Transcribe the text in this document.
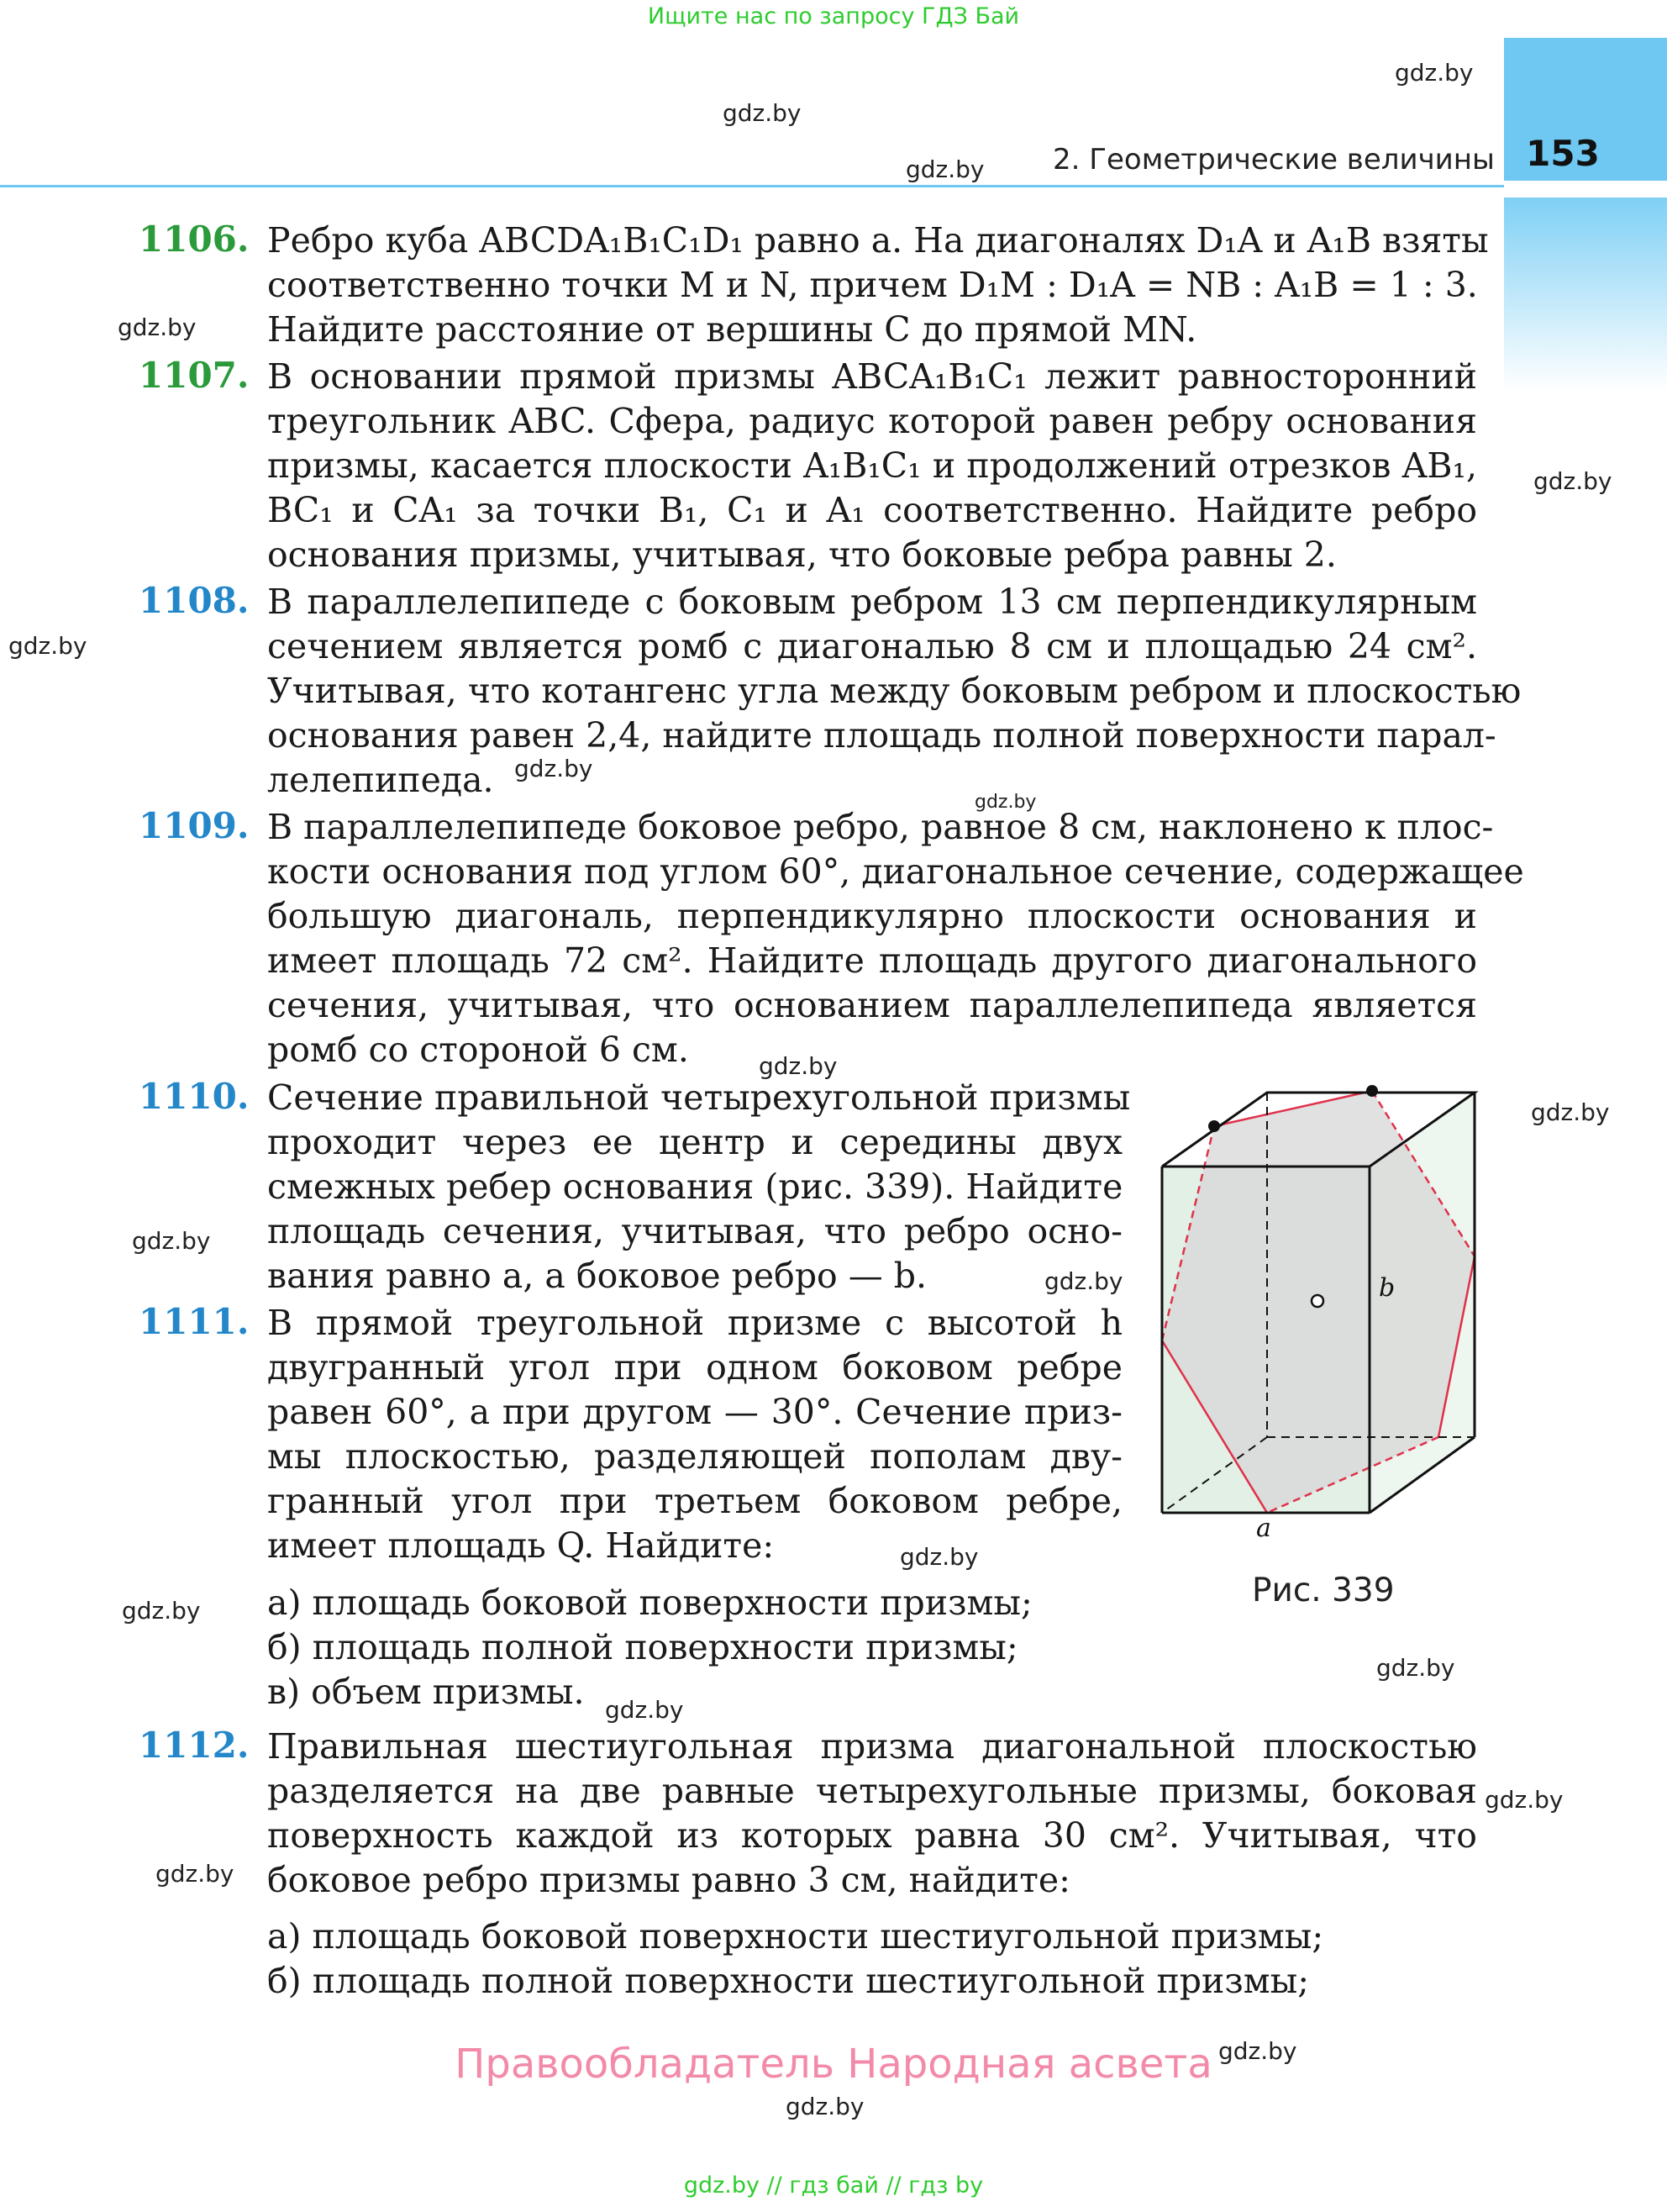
Ищите нас по запросу ГДЗ Бай
153
2. Геометрические величины
gdz.by
gdz.by
gdz.by
gdz.by
gdz.by
gdz.by
gdz.by
gdz.by
gdz.by
gdz.by
gdz.by
gdz.by
gdz.by
gdz.by
gdz.by
gdz.by
gdz.by
gdz.by
gdz.by
gdz.by
1106. Ребро куба ABCDA₁B₁C₁D₁ равно a. На диагоналях D₁A и A₁B взяты
соответственно точки M и N, причем D₁M : D₁A = NB : A₁B = 1 : 3.
Найдите расстояние от вершины C до прямой MN.
1107. В основании прямой призмы ABCA₁B₁C₁ лежит равносторонний
треугольник ABC. Сфера, радиус которой равен ребру основания
призмы, касается плоскости A₁B₁C₁ и продолжений отрезков AB₁,
BC₁ и CA₁ за точки B₁, C₁ и A₁ соответственно. Найдите ребро
основания призмы, учитывая, что боковые ребра равны 2.
1108. В параллелепипеде с боковым ребром 13 см перпендикулярным
сечением является ромб с диагональю 8 см и площадью 24 см².
Учитывая, что котангенс угла между боковым ребром и плоскостью
основания равен 2,4, найдите площадь полной поверхности парал-
лелепипеда.
1109. В параллелепипеде боковое ребро, равное 8 см, наклонено к плос-
кости основания под углом 60°, диагональное сечение, содержащее
большую диагональ, перпендикулярно плоскости основания и
имеет площадь 72 см². Найдите площадь другого диагонального
сечения, учитывая, что основанием параллелепипеда является
ромб со стороной 6 см.
1110. Сечение правильной четырехугольной призмы
проходит через ее центр и середины двух
смежных ребер основания (рис. 339). Найдите
площадь сечения, учитывая, что ребро осно-
вания равно a, а боковое ребро — b.
1111. В прямой треугольной призме с высотой h
двугранный угол при одном боковом ребре
равен 60°, а при другом — 30°. Сечение приз-
мы плоскостью, разделяющей пополам дву-
гранный угол при третьем боковом ребре,
имеет площадь Q. Найдите:
а) площадь боковой поверхности призмы;
б) площадь полной поверхности призмы;
в) объем призмы.
1112. Правильная шестиугольная призма диагональной плоскостью
разделяется на две равные четырехугольные призмы, боковая
поверхность каждой из которых равна 30 см². Учитывая, что
боковое ребро призмы равно 3 см, найдите:
а) площадь боковой поверхности шестиугольной призмы;
б) площадь полной поверхности шестиугольной призмы;
b
a
Рис. 339
Правообладатель Народная асвета
gdz.by // гдз бай // гдз by
